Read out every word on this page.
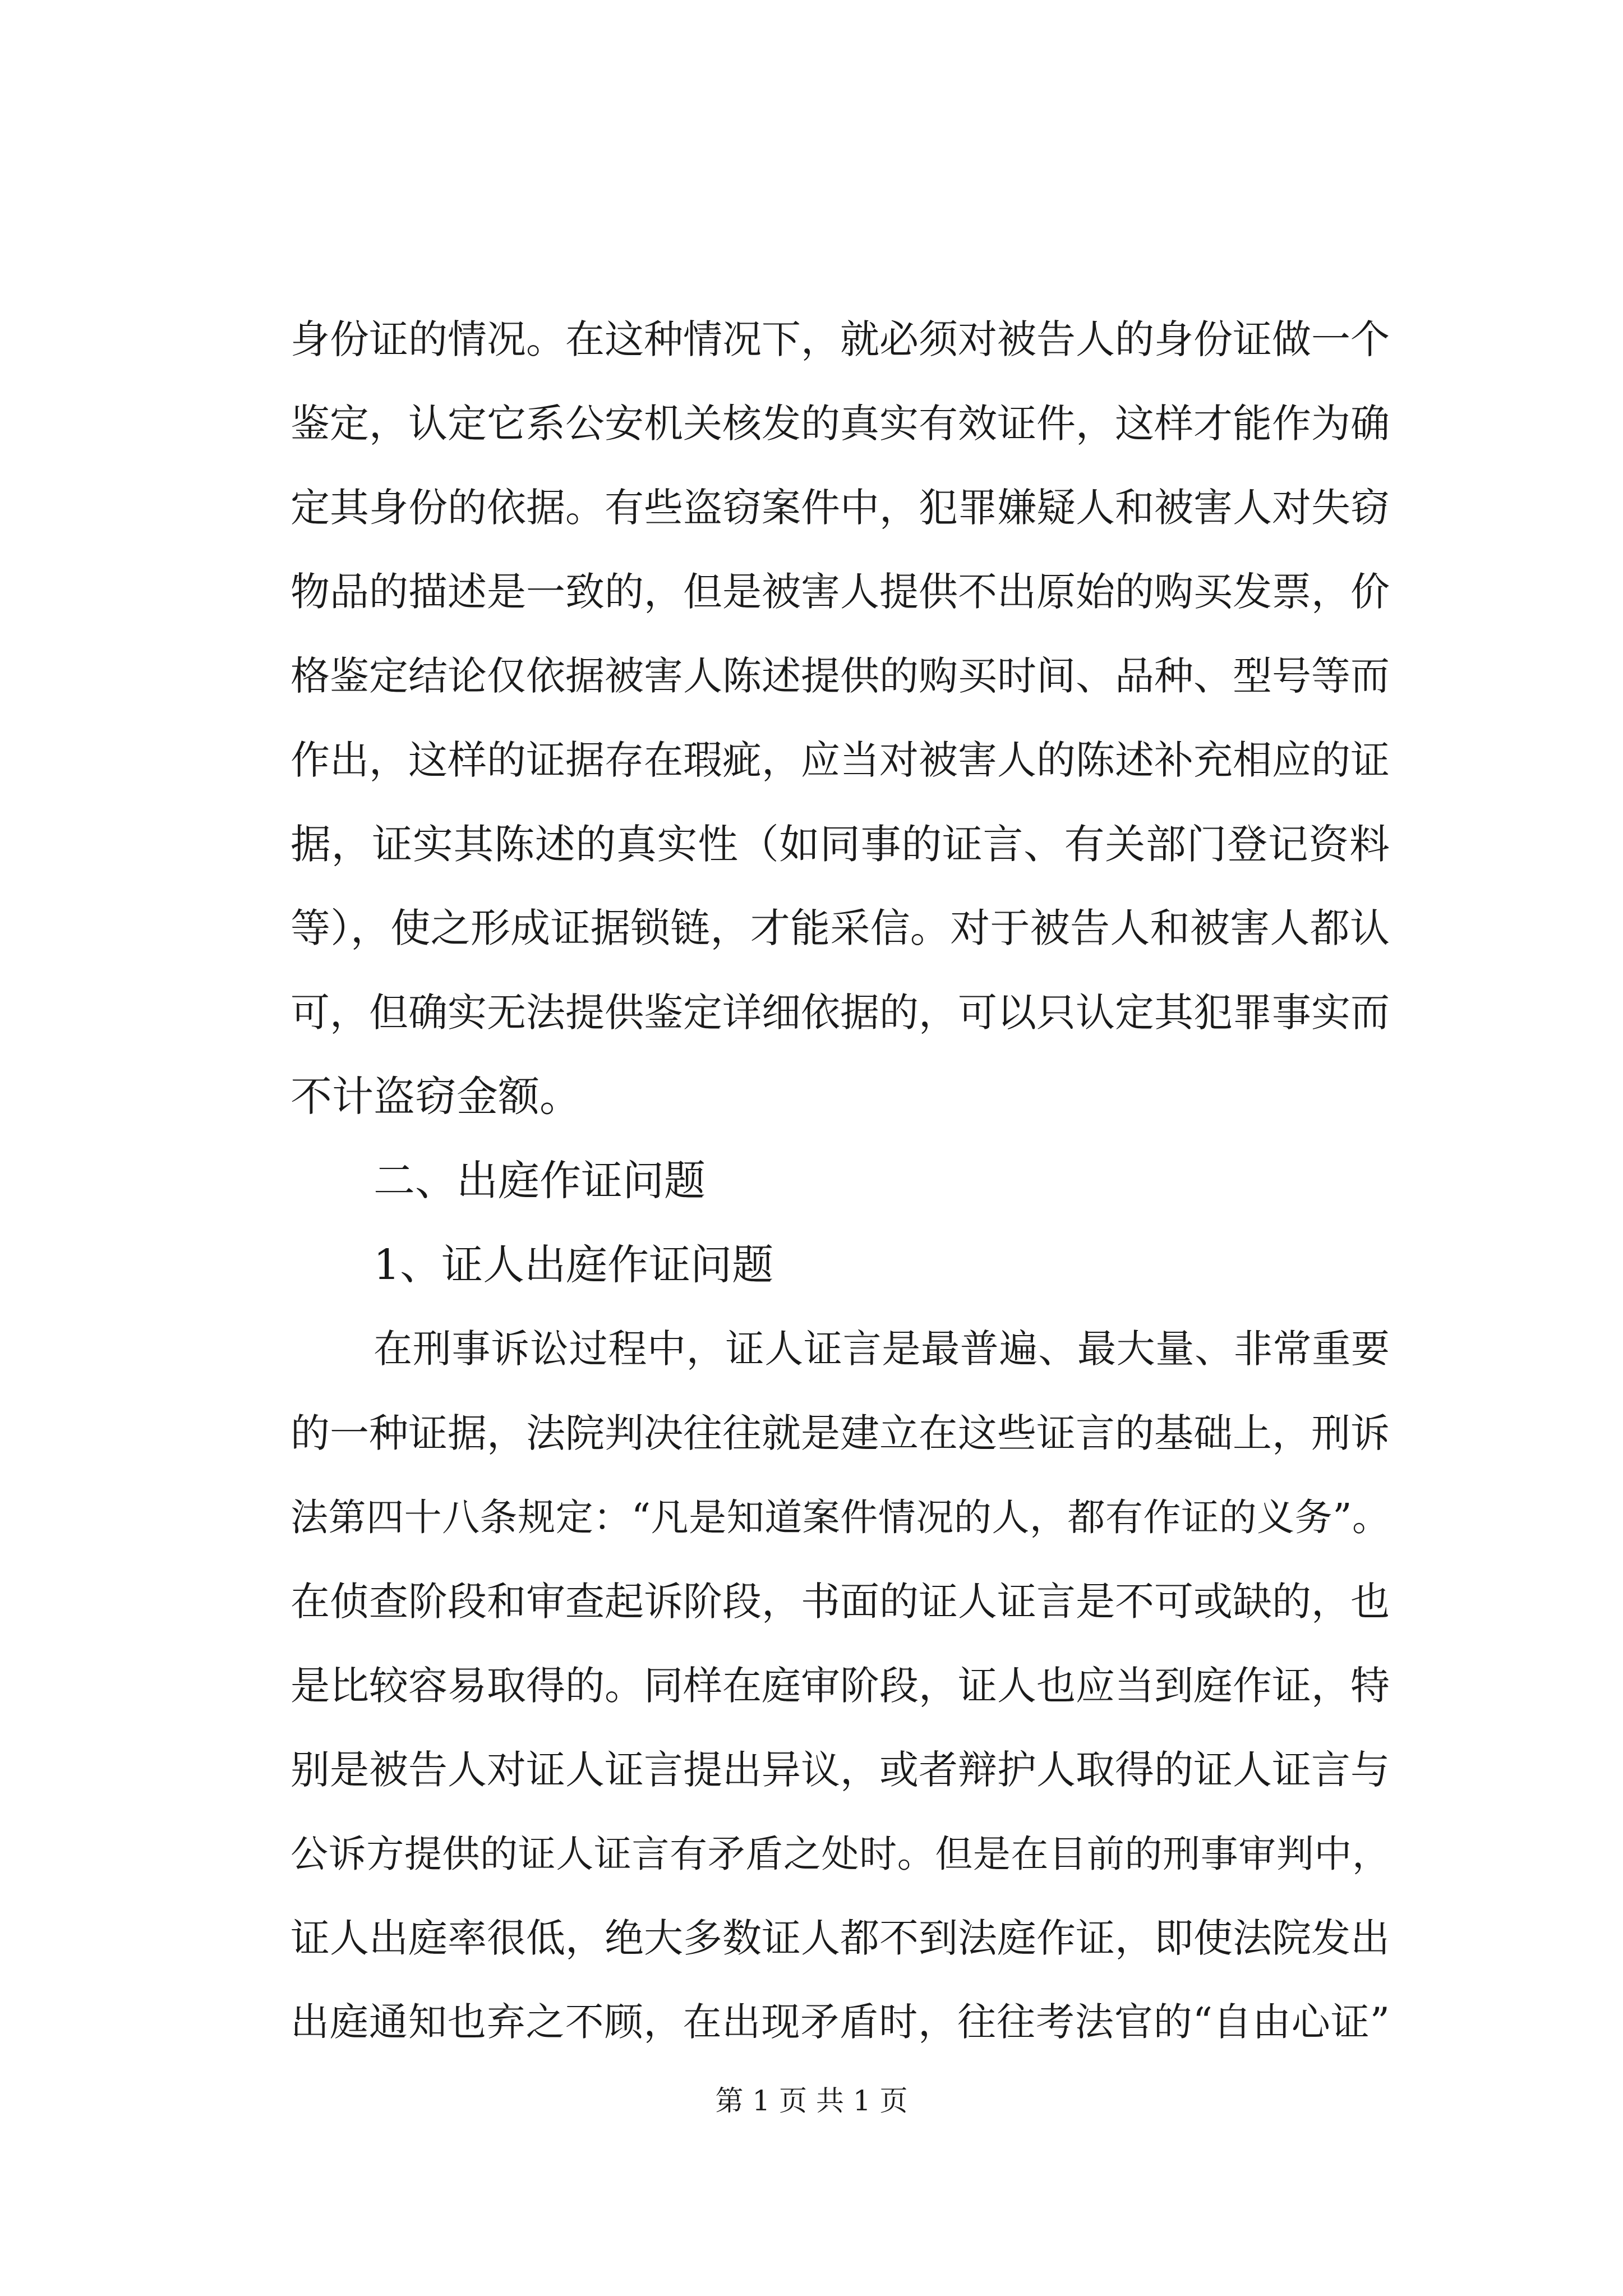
身份证的情况。在这种情况下，就必须对被告人的身份证做一个
鉴定，认定它系公安机关核发的真实有效证件，这样才能作为确
定其身份的依据。有些盗窃案件中，犯罪嫌疑人和被害人对失窃
物品的描述是一致的，但是被害人提供不出原始的购买发票，价
格鉴定结论仅依据被害人陈述提供的购买时间、品种、型号等而
作出，这样的证据存在瑕疵，应当对被害人的陈述补充相应的证
据，证实其陈述的真实性（如同事的证言、有关部门登记资料
等），使之形成证据锁链，才能采信。对于被告人和被害人都认
可，但确实无法提供鉴定详细依据的，可以只认定其犯罪事实而
不计盗窃金额。
二、出庭作证问题
1、证人出庭作证问题
在刑事诉讼过程中，证人证言是最普遍、最大量、非常重要
的一种证据，法院判决往往就是建立在这些证言的基础上，刑诉
法第四十八条规定：“凡是知道案件情况的人，都有作证的义务”。
在侦查阶段和审查起诉阶段，书面的证人证言是不可或缺的，也
是比较容易取得的。同样在庭审阶段，证人也应当到庭作证，特
别是被告人对证人证言提出异议，或者辩护人取得的证人证言与
公诉方提供的证人证言有矛盾之处时。但是在目前的刑事审判中，
证人出庭率很低，绝大多数证人都不到法庭作证，即使法院发出
出庭通知也弃之不顾，在出现矛盾时，往往考法官的“自由心证”
第 1 页 共 1 页
